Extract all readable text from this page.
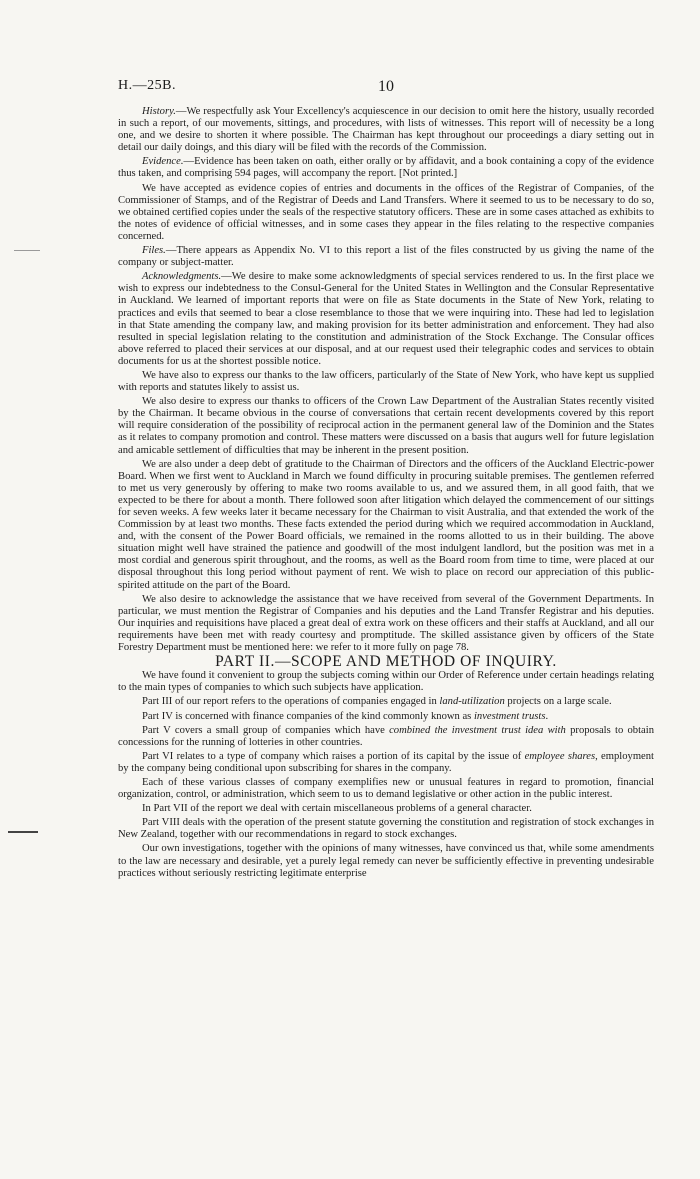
H.—25B.	10

History.—We respectfully ask Your Excellency's acquiescence in our decision to omit here the history, usually recorded in such a report, of our movements, sittings, and procedures, with lists of witnesses. This report will of necessity be a long one, and we desire to shorten it where possible. The Chairman has kept throughout our proceedings a diary setting out in detail our daily doings, and this diary will be filed with the records of the Commission.

Evidence.—Evidence has been taken on oath, either orally or by affidavit, and a book containing a copy of the evidence thus taken, and comprising 594 pages, will accompany the report. [Not printed.]

We have accepted as evidence copies of entries and documents in the offices of the Registrar of Companies, of the Commissioner of Stamps, and of the Registrar of Deeds and Land Transfers. Where it seemed to us to be necessary to do so, we obtained certified copies under the seals of the respective statutory officers. These are in some cases attached as exhibits to the notes of evidence of official witnesses, and in some cases they appear in the files relating to the respective companies concerned.

Files.—There appears as Appendix No. VI to this report a list of the files constructed by us giving the name of the company or subject-matter.

Acknowledgments.—We desire to make some acknowledgments of special services rendered to us. In the first place we wish to express our indebtedness to the Consul-General for the United States in Wellington and the Consular Representative in Auckland. We learned of important reports that were on file as State documents in the State of New York, relating to practices and evils that seemed to bear a close resemblance to those that we were inquiring into. These had led to legislation in that State amending the company law, and making provision for its better administration and enforcement. They had also resulted in special legislation relating to the constitution and administration of the Stock Exchange. The Consular offices above referred to placed their services at our disposal, and at our request used their telegraphic codes and services to obtain documents for us at the shortest possible notice.

We have also to express our thanks to the law officers, particularly of the State of New York, who have kept us supplied with reports and statutes likely to assist us.

We also desire to express our thanks to officers of the Crown Law Department of the Australian States recently visited by the Chairman. It became obvious in the course of conversations that certain recent developments covered by this report will require consideration of the possibility of reciprocal action in the permanent general law of the Dominion and the States as it relates to company promotion and control. These matters were discussed on a basis that augurs well for future legislation and amicable settlement of difficulties that may be inherent in the present position.

We are also under a deep debt of gratitude to the Chairman of Directors and the officers of the Auckland Electric-power Board. When we first went to Auckland in March we found difficulty in procuring suitable premises. The gentlemen referred to met us very generously by offering to make two rooms available to us, and we assured them, in all good faith, that we expected to be there for about a month. There followed soon after litigation which delayed the commencement of our sittings for seven weeks. A few weeks later it became necessary for the Chairman to visit Australia, and that extended the work of the Commission by at least two months. These facts extended the period during which we required accommodation in Auckland, and, with the consent of the Power Board officials, we remained in the rooms allotted to us in their building. The above situation might well have strained the patience and goodwill of the most indulgent landlord, but the position was met in a most cordial and generous spirit throughout, and the rooms, as well as the Board room from time to time, were placed at our disposal throughout this long period without payment of rent. We wish to place on record our appreciation of this public-spirited attitude on the part of the Board.

We also desire to acknowledge the assistance that we have received from several of the Government Departments. In particular, we must mention the Registrar of Companies and his deputies and the Land Transfer Registrar and his deputies. Our inquiries and requisitions have placed a great deal of extra work on these officers and their staffs at Auckland, and all our requirements have been met with ready courtesy and promptitude. The skilled assistance given by officers of the State Forestry Department must be mentioned here: we refer to it more fully on page 78.

PART II.—SCOPE AND METHOD OF INQUIRY.

We have found it convenient to group the subjects coming within our Order of Reference under certain headings relating to the main types of companies to which such subjects have application.

Part III of our report refers to the operations of companies engaged in land-utilization projects on a large scale.

Part IV is concerned with finance companies of the kind commonly known as investment trusts.

Part V covers a small group of companies which have combined the investment trust idea with proposals to obtain concessions for the running of lotteries in other countries.

Part VI relates to a type of company which raises a portion of its capital by the issue of employee shares, employment by the company being conditional upon subscribing for shares in the company.

Each of these various classes of company exemplifies new or unusual features in regard to promotion, financial organization, control, or administration, which seem to us to demand legislative or other action in the public interest.

In Part VII of the report we deal with certain miscellaneous problems of a general character.

Part VIII deals with the operation of the present statute governing the constitution and registration of stock exchanges in New Zealand, together with our recommendations in regard to stock exchanges.

Our own investigations, together with the opinions of many witnesses, have convinced us that, while some amendments to the law are necessary and desirable, yet a purely legal remedy can never be sufficiently effective in preventing undesirable practices without seriously restricting legitimate enterprise
